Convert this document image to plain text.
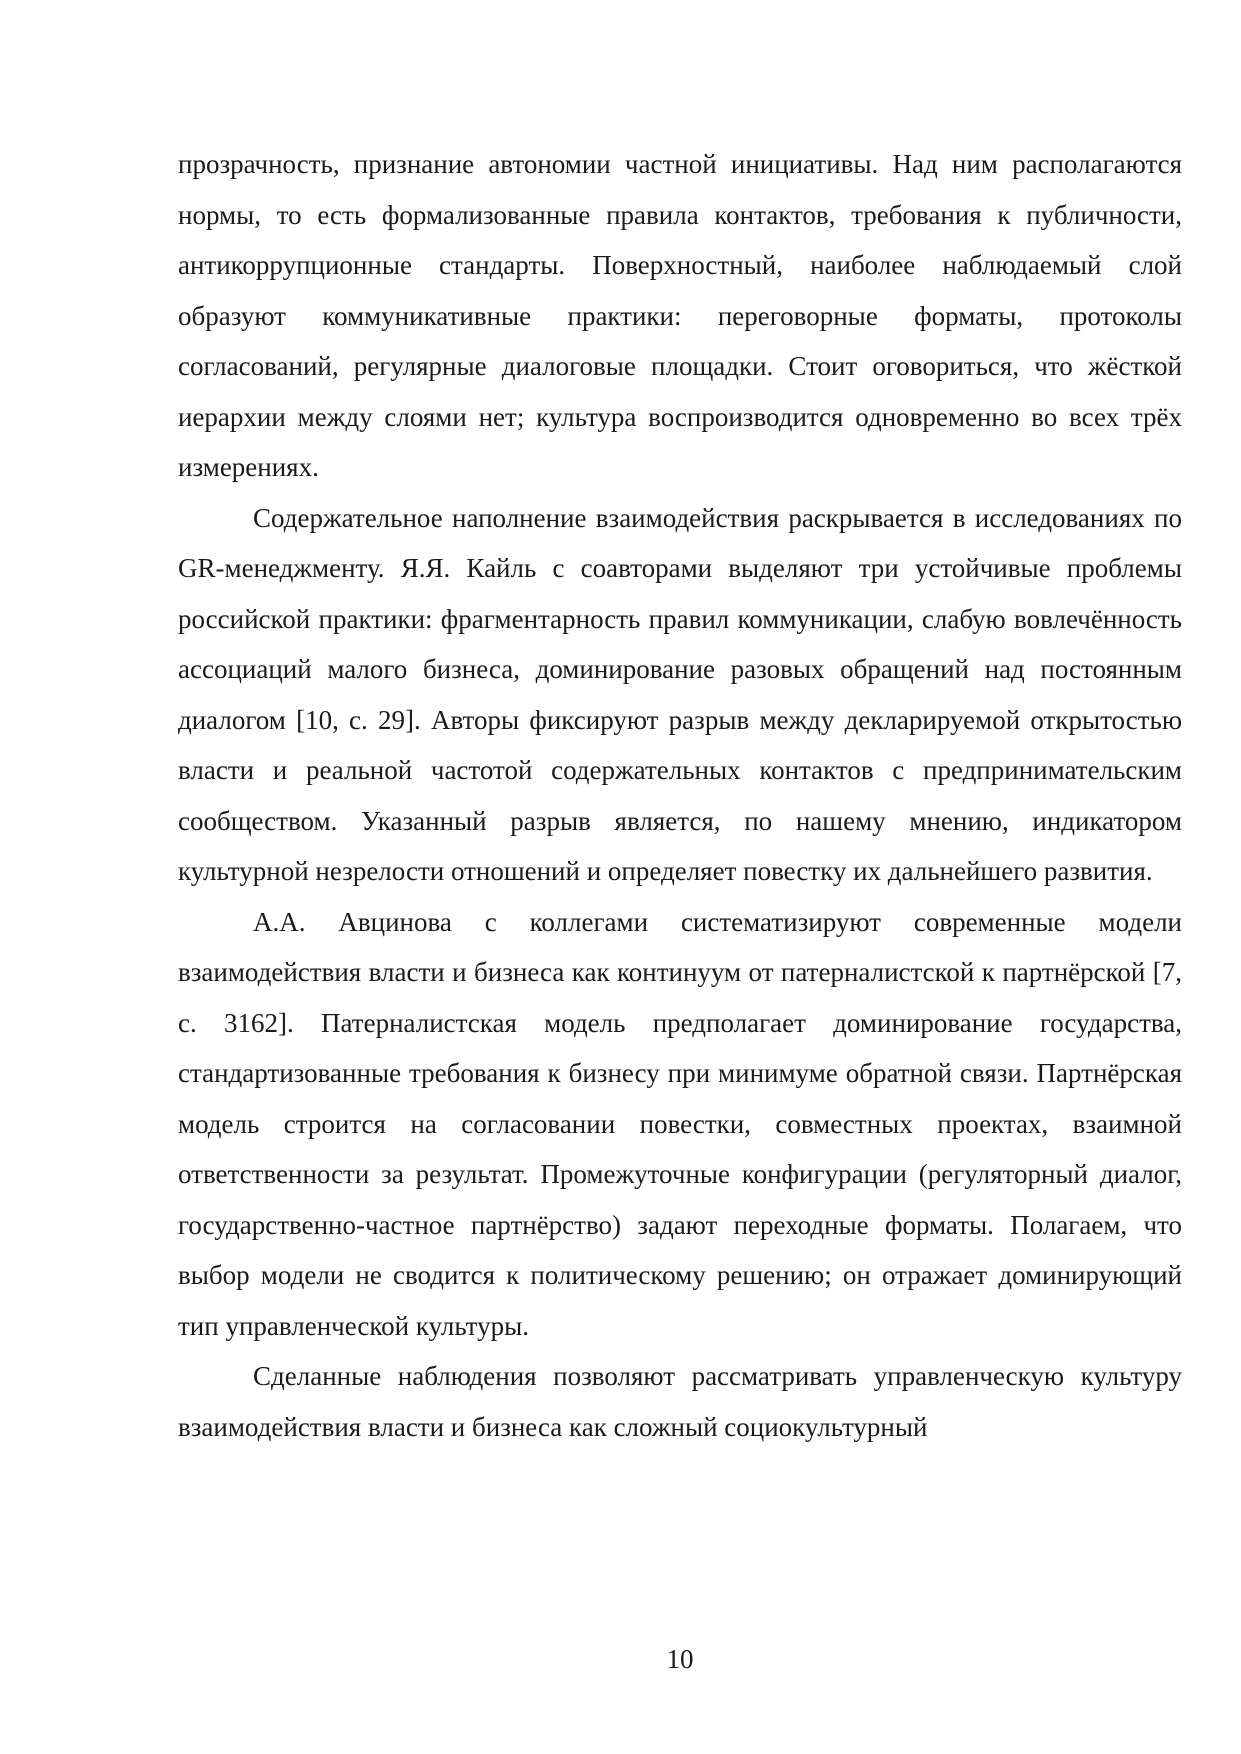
прозрачность, признание автономии частной инициативы. Над ним располагаются нормы, то есть формализованные правила контактов, требования к публичности, антикоррупционные стандарты. Поверхностный, наиболее наблюдаемый слой образуют коммуникативные практики: переговорные форматы, протоколы согласований, регулярные диалоговые площадки. Стоит оговориться, что жёсткой иерархии между слоями нет; культура воспроизводится одновременно во всех трёх измерениях.

Содержательное наполнение взаимодействия раскрывается в исследованиях по GR-менеджменту. Я.Я. Кайль с соавторами выделяют три устойчивые проблемы российской практики: фрагментарность правил коммуникации, слабую вовлечённость ассоциаций малого бизнеса, доминирование разовых обращений над постоянным диалогом [10, с. 29]. Авторы фиксируют разрыв между декларируемой открытостью власти и реальной частотой содержательных контактов с предпринимательским сообществом. Указанный разрыв является, по нашему мнению, индикатором культурной незрелости отношений и определяет повестку их дальнейшего развития.

А.А. Авцинова с коллегами систематизируют современные модели взаимодействия власти и бизнеса как континуум от патерналистской к партнёрской [7, с. 3162]. Патерналистская модель предполагает доминирование государства, стандартизованные требования к бизнесу при минимуме обратной связи. Партнёрская модель строится на согласовании повестки, совместных проектах, взаимной ответственности за результат. Промежуточные конфигурации (регуляторный диалог, государственно-частное партнёрство) задают переходные форматы. Полагаем, что выбор модели не сводится к политическому решению; он отражает доминирующий тип управленческой культуры.

Сделанные наблюдения позволяют рассматривать управленческую культуру взаимодействия власти и бизнеса как сложный социокультурный

10
